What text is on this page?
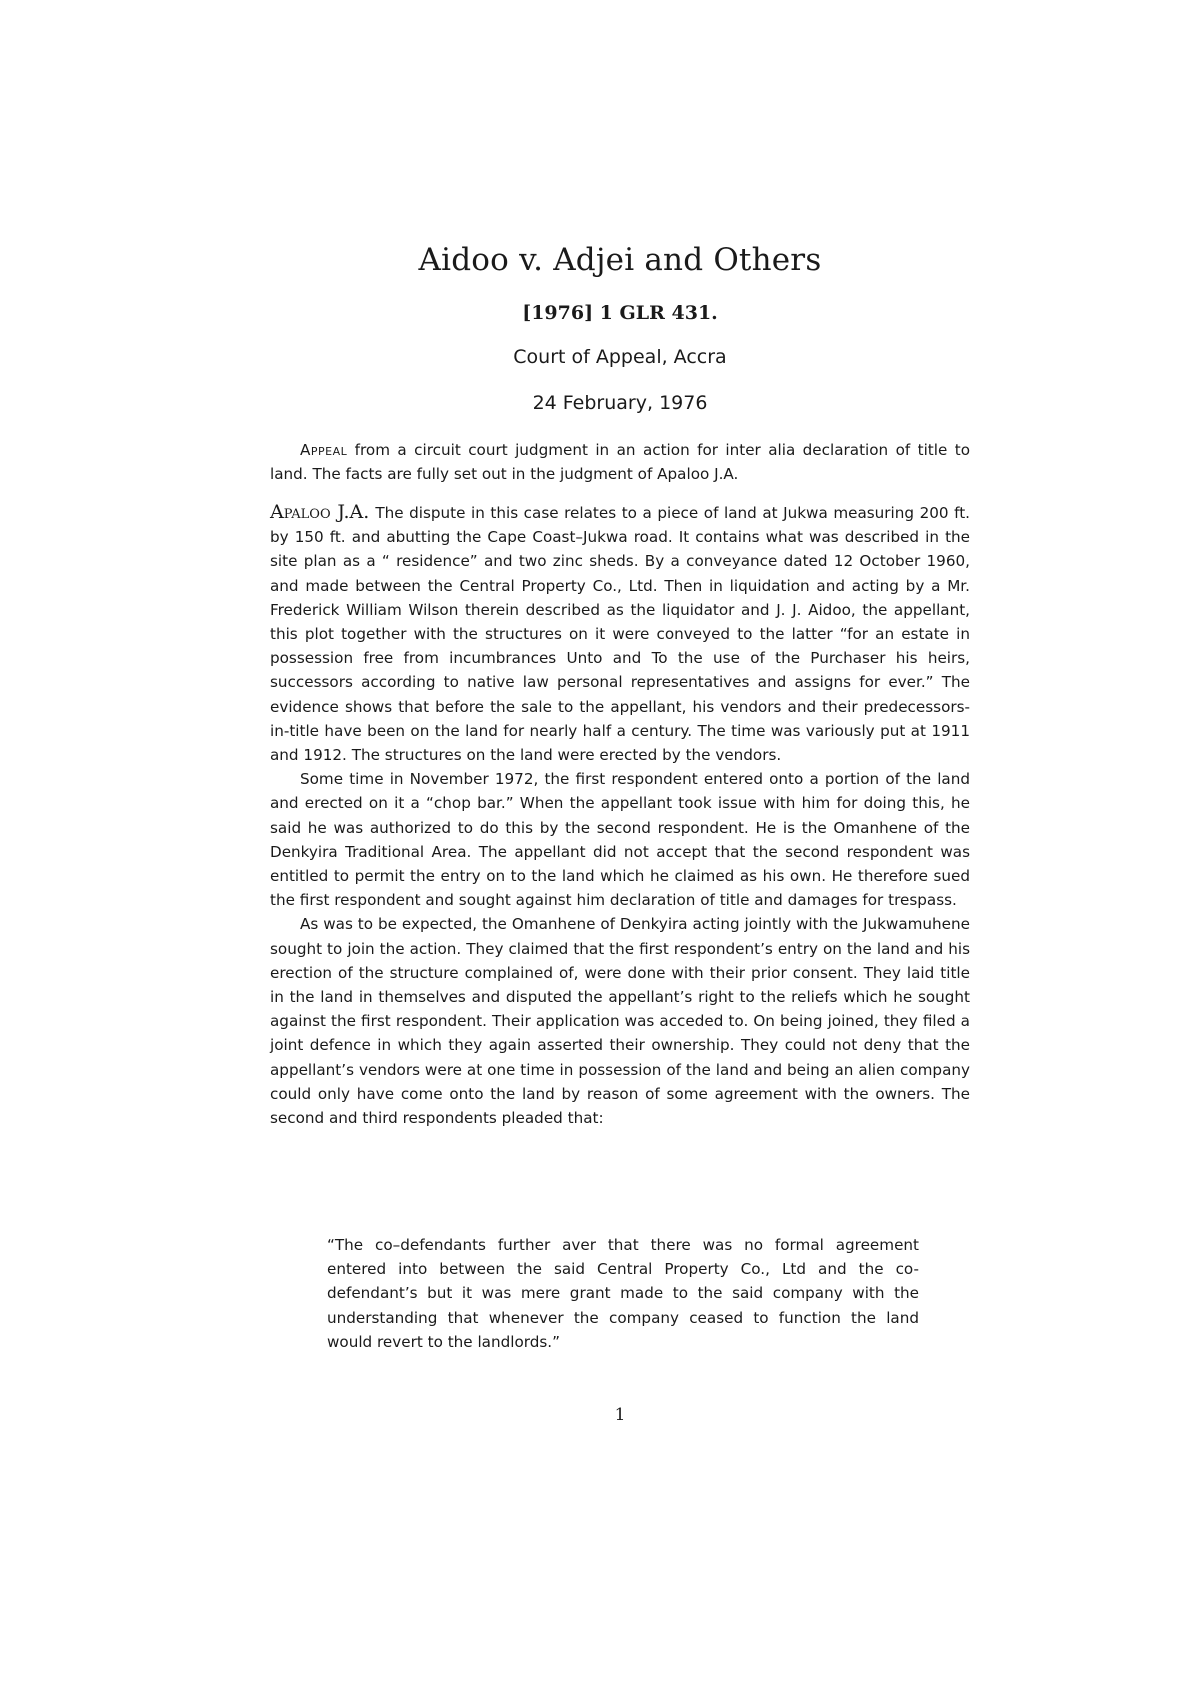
Aidoo v. Adjei and Others
[1976] 1 GLR 431.
Court of Appeal, Accra
24 February, 1976

Appeal from a circuit court judgment in an action for inter alia declaration of title to land. The facts are fully set out in the judgment of Apaloo J.A.

Apaloo J.A. The dispute in this case relates to a piece of land at Jukwa measuring 200 ft. by 150 ft. and abutting the Cape Coast–Jukwa road. It contains what was described in the site plan as a “ residence” and two zinc sheds. By a conveyance dated 12 October 1960, and made between the Central Property Co., Ltd. Then in liquidation and acting by a Mr. Frederick William Wilson therein described as the liquidator and J. J. Aidoo, the appellant, this plot together with the structures on it were conveyed to the latter “for an estate in possession free from incumbrances Unto and To the use of the Purchaser his heirs, successors according to native law personal representatives and assigns for ever.” The evidence shows that before the sale to the appellant, his vendors and their predecessors- in-title have been on the land for nearly half a century. The time was variously put at 1911 and 1912. The structures on the land were erected by the vendors.

Some time in November 1972, the first respondent entered onto a portion of the land and erected on it a “chop bar.” When the appellant took issue with him for doing this, he said he was authorized to do this by the second respondent. He is the Omanhene of the Denkyira Traditional Area. The appellant did not accept that the second respondent was entitled to permit the entry on to the land which he claimed as his own. He therefore sued the first respondent and sought against him declaration of title and damages for trespass.

As was to be expected, the Omanhene of Denkyira acting jointly with the Jukwamuhene sought to join the action. They claimed that the first respondent’s entry on the land and his erection of the structure complained of, were done with their prior consent. They laid title in the land in themselves and disputed the appellant’s right to the reliefs which he sought against the first respondent. Their application was acceded to. On being joined, they filed a joint defence in which they again asserted their ownership. They could not deny that the appellant’s vendors were at one time in possession of the land and being an alien company could only have come onto the land by reason of some agreement with the owners. The second and third respondents pleaded that:

“The co–defendants further aver that there was no formal agreement entered into between the said Central Property Co., Ltd and the co-defendant’s but it was mere grant made to the said company with the understanding that whenever the company ceased to function the land would revert to the landlords.”

1
